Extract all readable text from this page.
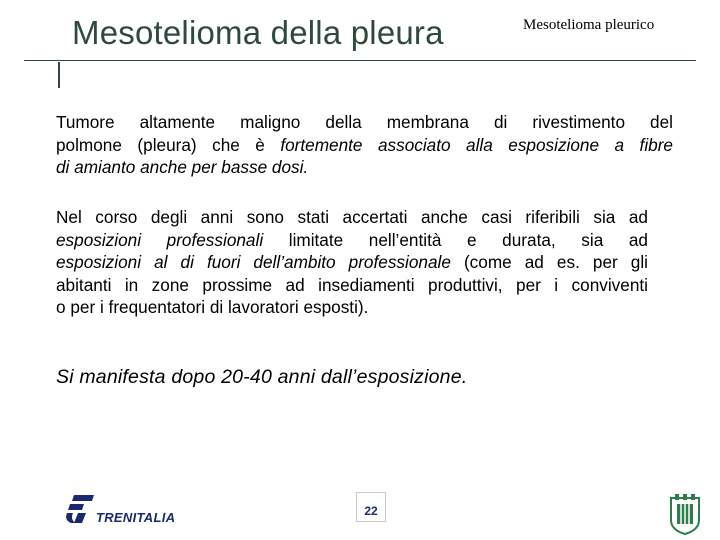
Mesotelioma della pleura	Mesotelioma pleurico
Tumore altamente maligno della membrana di rivestimento del
polmone (pleura) che è fortemente associato alla esposizione a fibre
di amianto anche per basse dosi.
Nel corso degli anni sono stati accertati anche casi riferibili sia ad
esposizioni professionali limitate nell’entità e durata, sia ad
esposizioni al di fuori dell’ambito professionale (come ad es. per gli
abitanti in zone prossime ad insediamenti produttivi, per i conviventi
o per i frequentatori di lavoratori esposti).
Si manifesta dopo 20-40 anni dall’esposizione.
TRENITALIA	22
